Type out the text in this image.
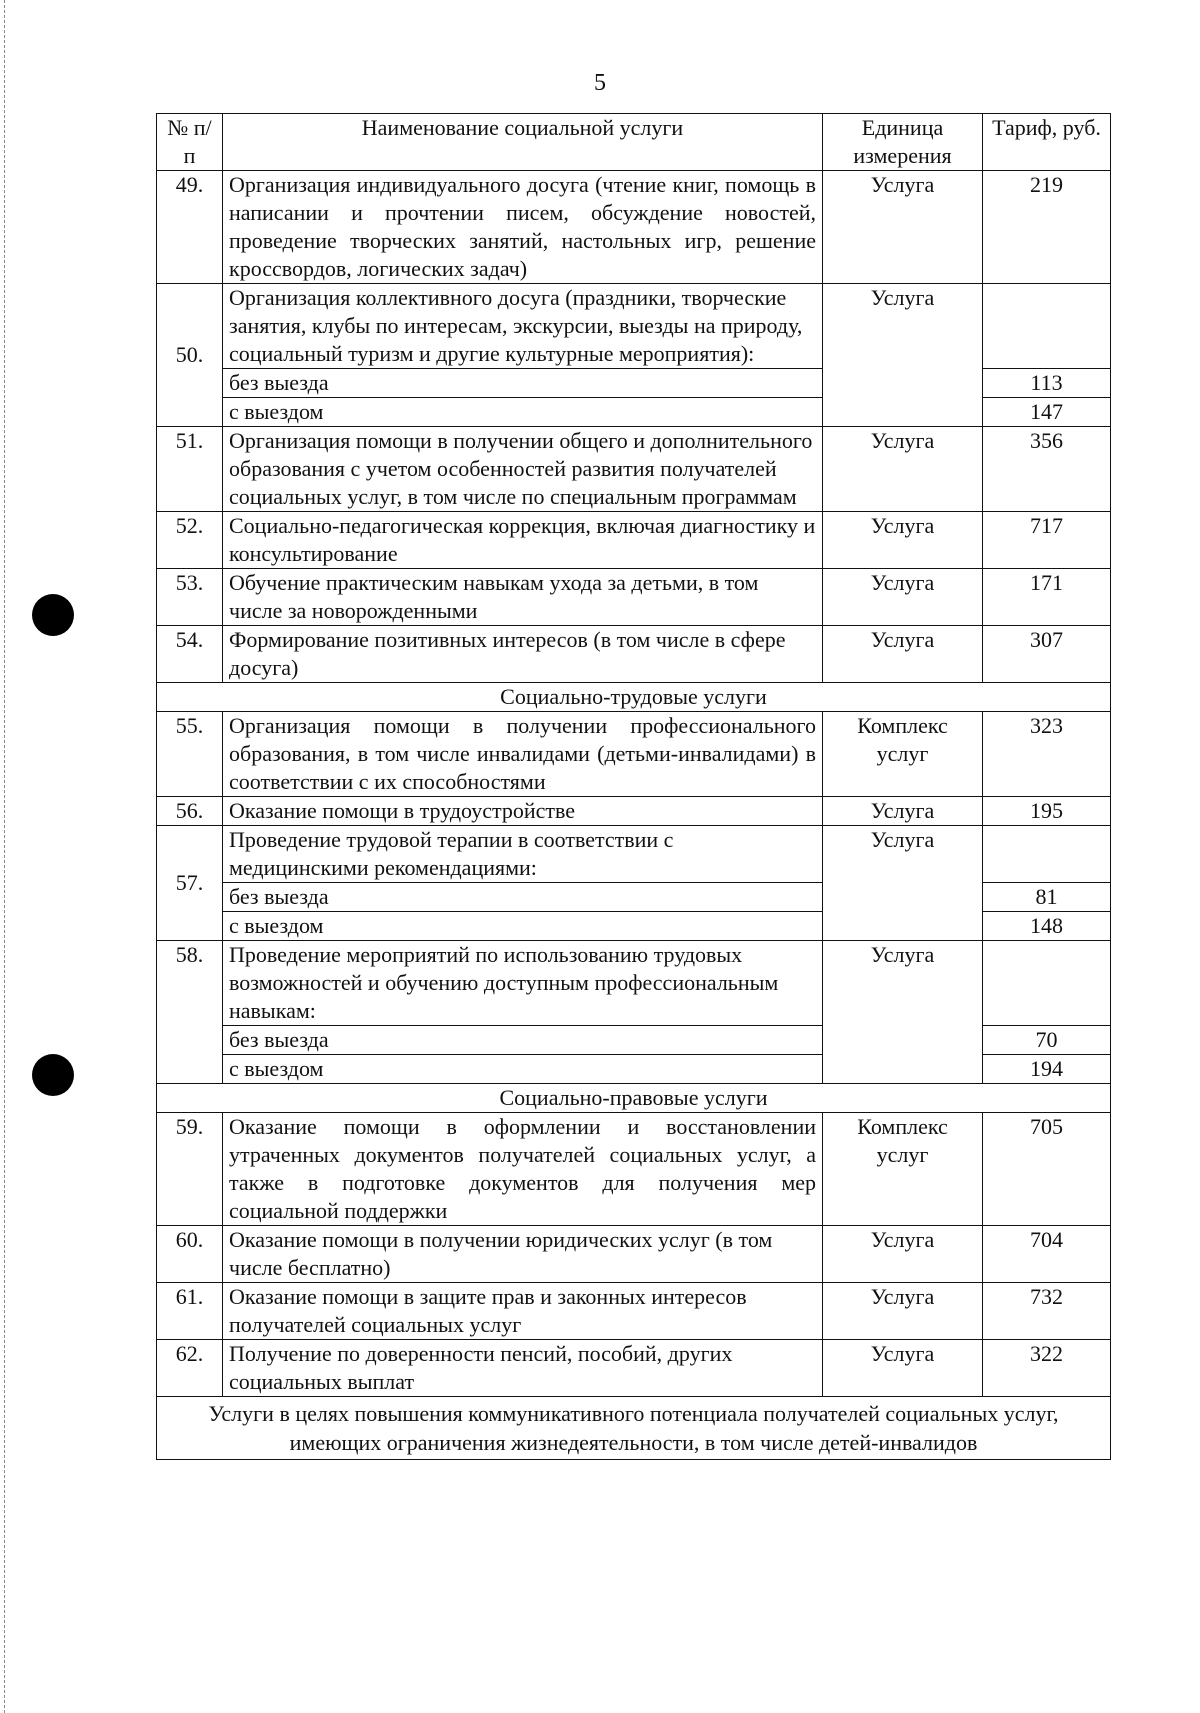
5
№ п/п	Наименование социальной услуги	Единица измерения	Тариф, руб.
49.	Организация индивидуального досуга (чтение книг, помощь в написании и прочтении писем, обсуждение новостей, проведение творческих занятий, настольных игр, решение кроссвордов, логических задач)	Услуга	219
50.	Организация коллективного досуга (праздники, творческие занятия, клубы по интересам, экскурсии, выезды на природу, социальный туризм и другие культурные мероприятия):	Услуга	
	без выезда		113
	с выездом		147
51.	Организация помощи в получении общего и дополнительного образования с учетом особенностей развития получателей социальных услуг, в том числе по специальным программам	Услуга	356
52.	Социально-педагогическая коррекция, включая диагностику и консультирование	Услуга	717
53.	Обучение практическим навыкам ухода за детьми, в том числе за новорожденными	Услуга	171
54.	Формирование позитивных интересов (в том числе в сфере досуга)	Услуга	307
Социально-трудовые услуги			
55.	Организация помощи в получении профессионального образования, в том числе инвалидами (детьми-инвалидами) в соответствии с их способностями	Комплекс услуг	323
56.	Оказание помощи в трудоустройстве	Услуга	195
57.	Проведение трудовой терапии в соответствии с медицинскими рекомендациями:	Услуга	
	без выезда		81
	с выездом		148
58.	Проведение мероприятий по использованию трудовых возможностей и обучению доступным профессиональным навыкам:	Услуга	
	без выезда		70
	с выездом		194
Социально-правовые услуги			
59.	Оказание помощи в оформлении и восстановлении утраченных документов получателей социальных услуг, а также в подготовке документов для получения мер социальной поддержки	Комплекс услуг	705
60.	Оказание помощи в получении юридических услуг (в том числе бесплатно)	Услуга	704
61.	Оказание помощи в защите прав и законных интересов получателей социальных услуг	Услуга	732
62.	Получение по доверенности пенсий, пособий, других социальных выплат	Услуга	322
Услуги в целях повышения коммуникативного потенциала получателей социальных услуг, имеющих ограничения жизнедеятельности, в том числе детей-инвалидов			
